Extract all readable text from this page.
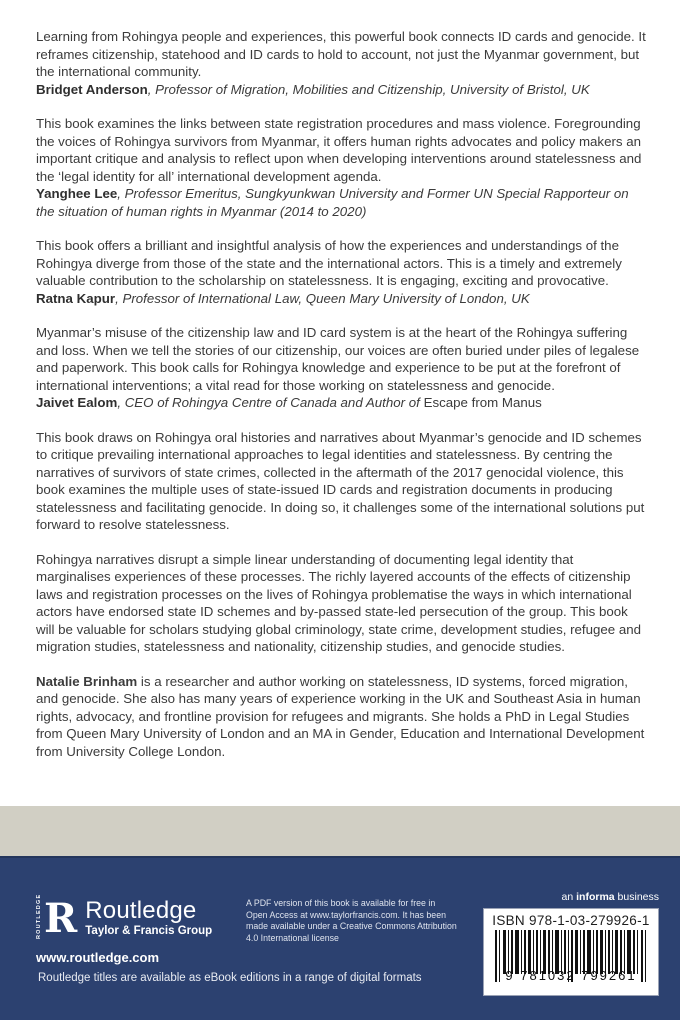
Learning from Rohingya people and experiences, this powerful book connects ID cards and genocide. It reframes citizenship, statehood and ID cards to hold to account, not just the Myanmar government, but the international community.
Bridget Anderson, Professor of Migration, Mobilities and Citizenship, University of Bristol, UK
This book examines the links between state registration procedures and mass violence. Foregrounding the voices of Rohingya survivors from Myanmar, it offers human rights advocates and policy makers an important critique and analysis to reflect upon when developing interventions around statelessness and the ‘legal identity for all’ international development agenda.
Yanghee Lee, Professor Emeritus, Sungkyunkwan University and Former UN Special Rapporteur on the situation of human rights in Myanmar (2014 to 2020)
This book offers a brilliant and insightful analysis of how the experiences and understandings of the Rohingya diverge from those of the state and the international actors. This is a timely and extremely valuable contribution to the scholarship on statelessness. It is engaging, exciting and provocative.
Ratna Kapur, Professor of International Law, Queen Mary University of London, UK
Myanmar’s misuse of the citizenship law and ID card system is at the heart of the Rohingya suffering and loss. When we tell the stories of our citizenship, our voices are often buried under piles of legalese and paperwork. This book calls for Rohingya knowledge and experience to be put at the forefront of international interventions; a vital read for those working on statelessness and genocide.
Jaivet Ealom, CEO of Rohingya Centre of Canada and Author of Escape from Manus
This book draws on Rohingya oral histories and narratives about Myanmar’s genocide and ID schemes to critique prevailing international approaches to legal identities and statelessness. By centring the narratives of survivors of state crimes, collected in the aftermath of the 2017 genocidal violence, this book examines the multiple uses of state-issued ID cards and registration documents in producing statelessness and facilitating genocide. In doing so, it challenges some of the international solutions put forward to resolve statelessness.
Rohingya narratives disrupt a simple linear understanding of documenting legal identity that marginalises experiences of these processes. The richly layered accounts of the effects of citizenship laws and registration processes on the lives of Rohingya problematise the ways in which international actors have endorsed state ID schemes and by-passed state-led persecution of the group. This book will be valuable for scholars studying global criminology, state crime, development studies, refugee and migration studies, statelessness and nationality, citizenship studies, and genocide studies.
Natalie Brinham is a researcher and author working on statelessness, ID systems, forced migration, and genocide. She also has many years of experience working in the UK and Southeast Asia in human rights, advocacy, and frontline provision for refugees and migrants. She holds a PhD in Legal Studies from Queen Mary University of London and an MA in Gender, Education and International Development from University College London.
ROUTLEDGE R Routledge
Taylor & Francis Group
www.routledge.com
Routledge titles are available as eBook editions in a range of digital formats
A PDF version of this book is available for free in Open Access at www.taylorfrancis.com. It has been made available under a Creative Commons Attribution 4.0 International license
an informa business
ISBN 978-1-03-279926-1
9 781032 799261
